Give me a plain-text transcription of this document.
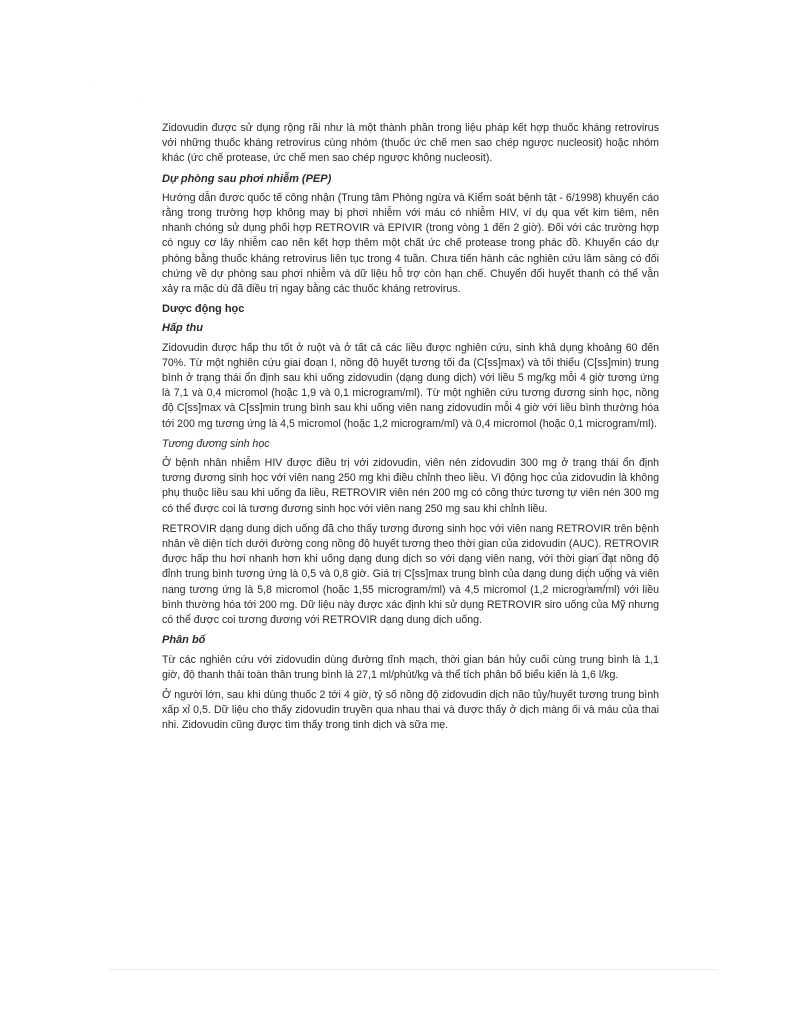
·
·

Zidovudin được sử dụng rộng rãi như là một thành phần trong liệu pháp kết hợp thuốc kháng retrovirus với những thuốc kháng retrovirus cùng nhóm (thuốc ức chế men sao chép ngược nucleosit) hoặc nhóm khác (ức chế protease, ức chế men sao chép ngược không nucleosit).

Dự phòng sau phơi nhiễm (PEP)

Hướng dẫn được quốc tế công nhận (Trung tâm Phòng ngừa và Kiểm soát bệnh tật - 6/1998) khuyến cáo rằng trong trường hợp không may bị phơi nhiễm với máu có nhiễm HIV, ví dụ qua vết kim tiêm, nên nhanh chóng sử dụng phối hợp RETROVIR và EPIVIR (trong vòng 1 đến 2 giờ). Đối với các trường hợp có nguy cơ lây nhiễm cao nên kết hợp thêm một chất ức chế protease trong phác đồ. Khuyến cáo dự phòng bằng thuốc kháng retrovirus liên tục trong 4 tuần. Chưa tiến hành các nghiên cứu lâm sàng có đối chứng về dự phòng sau phơi nhiễm và dữ liệu hỗ trợ còn hạn chế. Chuyển đổi huyết thanh có thể vẫn xảy ra mặc dù đã điều trị ngay bằng các thuốc kháng retrovirus.

Dược động học
Hấp thu

Zidovudin được hấp thu tốt ở ruột và ở tất cả các liều được nghiên cứu, sinh khả dụng khoảng 60 đến 70%. Từ một nghiên cứu giai đoạn I, nồng độ huyết tương tối đa (C[ss]max) và tối thiểu (C[ss]min) trung bình ở trạng thái ổn định sau khi uống zidovudin (dạng dung dịch) với liều 5 mg/kg mỗi 4 giờ tương ứng là 7,1 và 0,4 micromol (hoặc 1,9 và 0,1 microgram/ml). Từ một nghiên cứu tương đương sinh học, nồng độ C[ss]max và C[ss]min trung bình sau khi uống viên nang zidovudin mỗi 4 giờ với liều bình thường hóa tới 200 mg tương ứng là 4,5 micromol (hoặc 1,2 microgram/ml) và 0,4 micromol (hoặc 0,1 microgram/ml).

Tương đương sinh học

Ở bệnh nhân nhiễm HIV được điều trị với zidovudin, viên nén zidovudin 300 mg ở trạng thái ổn định tương đương sinh học với viên nang 250 mg khi điều chỉnh theo liều. Vì động học của zidovudin là không phụ thuộc liều sau khi uống đa liều, RETROVIR viên nén 200 mg có công thức tương tự viên nén 300 mg có thể được coi là tương đương sinh học với viên nang 250 mg sau khi chỉnh liều.

RETROVIR dạng dung dịch uống đã cho thấy tương đương sinh học với viên nang RETROVIR trên bệnh nhân về diện tích dưới đường cong nồng độ huyết tương theo thời gian của zidovudin (AUC). RETROVIR được hấp thu hơi nhanh hơn khi uống dạng dung dịch so với dạng viên nang, với thời gian đạt nồng độ đỉnh trung bình tương ứng là 0,5 và 0,8 giờ. Giá trị C[ss]max trung bình của dạng dung dịch uống và viên nang tương ứng là 5,8 micromol (hoặc 1,55 microgram/ml) và 4,5 micromol (1,2 microgram/ml) với liều bình thường hóa tới 200 mg. Dữ liệu này được xác định khi sử dụng RETROVIR siro uống của Mỹ nhưng có thể được coi tương đương với RETROVIR dạng dung dịch uống.

Phân bố

Từ các nghiên cứu với zidovudin dùng đường tĩnh mạch, thời gian bán hủy cuối cùng trung bình là 1,1 giờ, độ thanh thải toàn thân trung bình là 27,1 ml/phút/kg và thể tích phân bố biểu kiến là 1,6 l/kg.

Ở người lớn, sau khi dùng thuốc 2 tới 4 giờ, tỷ số nồng độ zidovudin dịch não tủy/huyết tương trung bình xấp xỉ 0,5. Dữ liệu cho thấy zidovudin truyền qua nhau thai và được thấy ở dịch màng ối và máu của thai nhi. Zidovudin cũng được tìm thấy trong tinh dịch và sữa mẹ.
